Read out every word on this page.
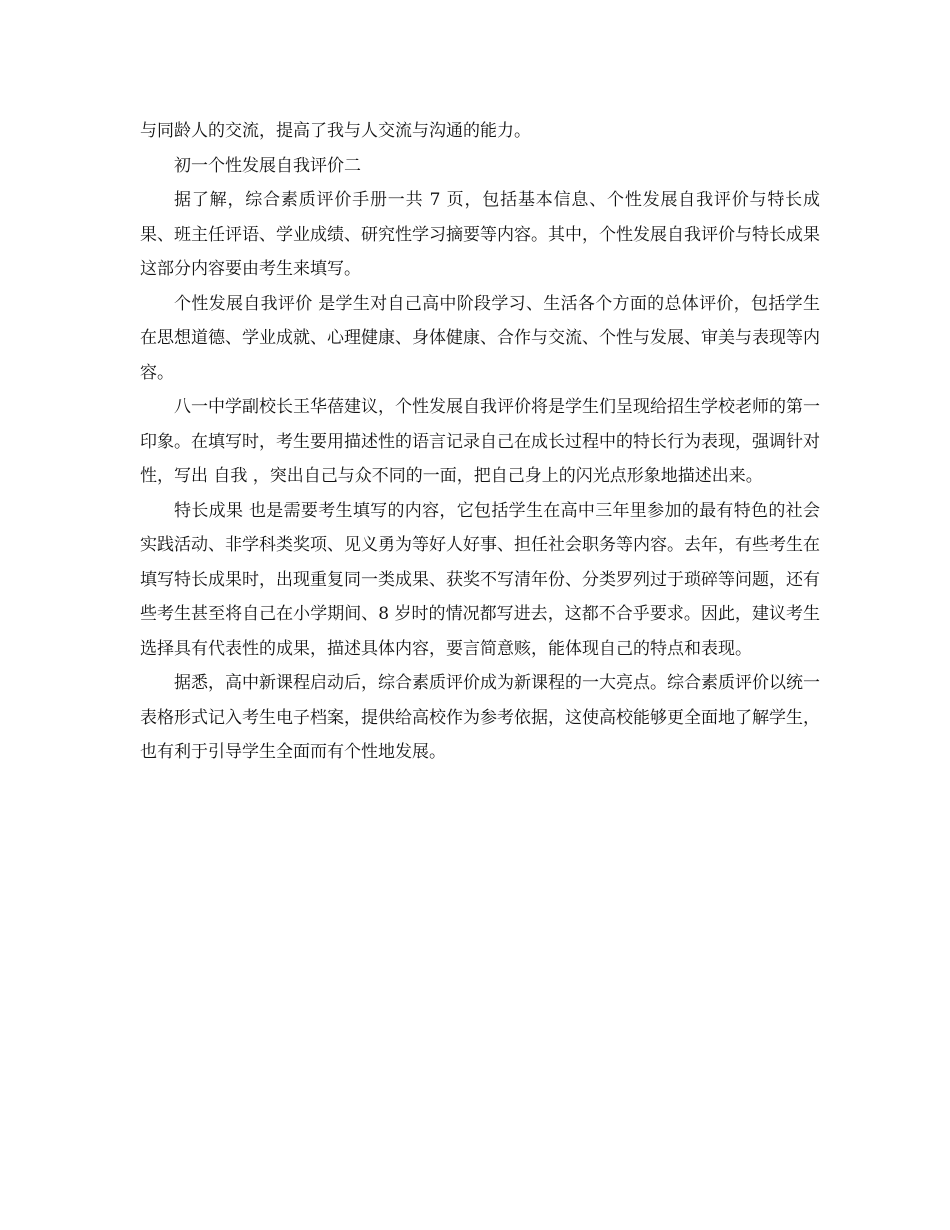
与同龄人的交流，提高了我与人交流与沟通的能力。

初一个性发展自我评价二

据了解，综合素质评价手册一共 7 页，包括基本信息、个性发展自我评价与特长成果、班主任评语、学业成绩、研究性学习摘要等内容。其中，个性发展自我评价与特长成果这部分内容要由考生来填写。

个性发展自我评价 是学生对自己高中阶段学习、生活各个方面的总体评价，包括学生在思想道德、学业成就、心理健康、身体健康、合作与交流、个性与发展、审美与表现等内容。

八一中学副校长王华蓓建议，个性发展自我评价将是学生们呈现给招生学校老师的第一印象。在填写时，考生要用描述性的语言记录自己在成长过程中的特长行为表现，强调针对性，写出 自我 ，突出自己与众不同的一面，把自己身上的闪光点形象地描述出来。

特长成果 也是需要考生填写的内容，它包括学生在高中三年里参加的最有特色的社会实践活动、非学科类奖项、见义勇为等好人好事、担任社会职务等内容。去年，有些考生在填写特长成果时，出现重复同一类成果、获奖不写清年份、分类罗列过于琐碎等问题，还有些考生甚至将自己在小学期间、8 岁时的情况都写进去，这都不合乎要求。因此，建议考生选择具有代表性的成果，描述具体内容，要言简意赅，能体现自己的特点和表现。

据悉，高中新课程启动后，综合素质评价成为新课程的一大亮点。综合素质评价以统一表格形式记入考生电子档案，提供给高校作为参考依据，这使高校能够更全面地了解学生，也有利于引导学生全面而有个性地发展。
